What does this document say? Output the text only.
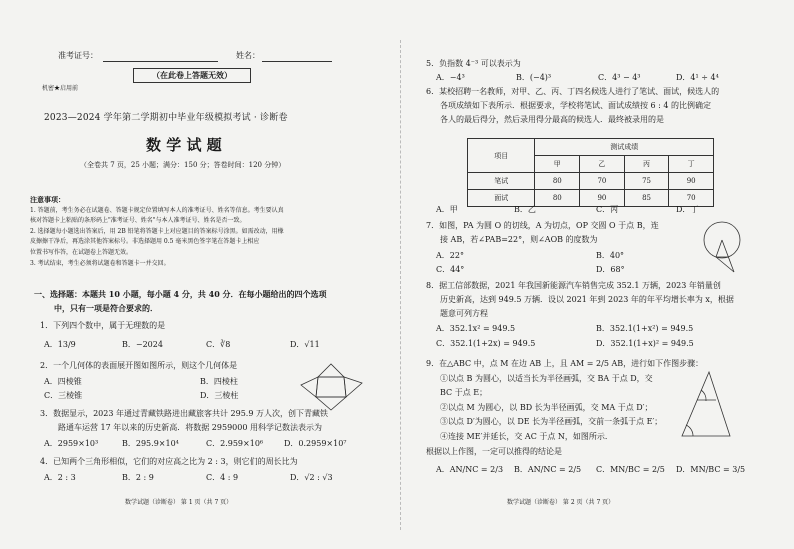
准考证号：	姓名：
（在此卷上答题无效）
机密★启用前
2023—2024 学年第二学期初中毕业年级模拟考试 · 诊断卷
数 学 试 题
（全卷共 7 页，25 小题；满分：150 分；答卷时间：120 分钟）
注意事项：
1. 答题前，考生务必在试题卷、答题卡规定位置填写本人的准考证号、姓名等信息。考生要认真
核对答题卡上粘贴的条形码上"准考证号、姓名"与本人准考证号、姓名是否一致。
2. 选择题每小题选出答案后，用 2B 铅笔将答题卡上对应题目的答案标号涂黑。如需改动，用橡
皮擦擦干净后，再选涂其他答案标号。非选择题用 0.5 毫米黑色签字笔在答题卡上相应
位置书写作答，在试题卷上答题无效。
3. 考试结束，考生必须将试题卷和答题卡一并交回。
一、选择题：本题共 10 小题，每小题 4 分，共 40 分．在每小题给出的四个选项
中，只有一项是符合要求的．
1．下列四个数中，属于无理数的是
A．13/9	B．−2024	C．∛8	D．√11
2．一个几何体的表面展开图如图所示，则这个几何体是
A．四棱锥	B．四棱柱
C．三棱锥	D．三棱柱
3．数据显示，2023 年通过青藏铁路进出藏旅客共计 295.9 万人次，创下青藏铁
路通车运营 17 年以来的历史新高．将数据 2959000 用科学记数法表示为
A．2959×10³	B．295.9×10⁴	C．2.959×10⁶	D．0.2959×10⁷
4．已知两个三角形相似，它们的对应高之比为 2 : 3，则它们的周长比为
A．2 : 3	B．2 : 9	C．4 : 9	D．√2 : √3
数学试题（诊断卷） 第 1 页（共 7 页）
5．负指数 4⁻³ 可以表示为
A．−4³	B．(−4)³	C．4³ − 4³	D．4¹ ÷ 4⁴
6．某校招聘一名教师，对甲、乙、丙、丁四名候选人进行了笔试、面试，候选人的
各项成绩如下表所示．根据要求，学校将笔试、面试成绩按 6 : 4 的比例确定
各人的最后得分，然后录用得分最高的候选人．最终被录用的是
项目	测试成绩			
	甲	乙	丙	丁
笔试	80	70	75	90
面试	80	90	85	70
A．甲	B．乙	C．丙	D．丁
7．如图，PA 为圆 O 的切线，A 为切点，OP 交圆 O 于点 B，连
接 AB，若∠PAB=22°，则∠AOB 的度数为
A．22°	B．40°
C．44°	D．68°
8．据工信部数据，2021 年我国新能源汽车销售完成 352.1 万辆，2023 年销量创
历史新高，达到 949.5 万辆．设以 2021 年到 2023 年的年平均增长率为 x，根据
题意可列方程
A．352.1x² = 949.5	B．352.1(1+x²) = 949.5
C．352.1(1+2x) = 949.5	D．352.1(1+x)² = 949.5
9．在△ABC 中，点 M 在边 AB 上，且 AM = 2/5 AB，进行如下作图步骤：
①以点 B 为圆心，以适当长为半径画弧，交 BA 于点 D，交
BC 于点 E；
②以点 M 为圆心，以 BD 长为半径画弧，交 MA 于点 D′；
③以点 D′为圆心，以 DE 长为半径画弧，交前一条弧于点 E′；
④连接 ME′并延长，交 AC 于点 N，如图所示．
根据以上作图，一定可以推得的结论是
A．AN/NC = 2/3 B．AN/NC = 2/5 C．MN/BC = 2/5 D．MN/BC = 3/5
数学试题（诊断卷） 第 2 页（共 7 页）
